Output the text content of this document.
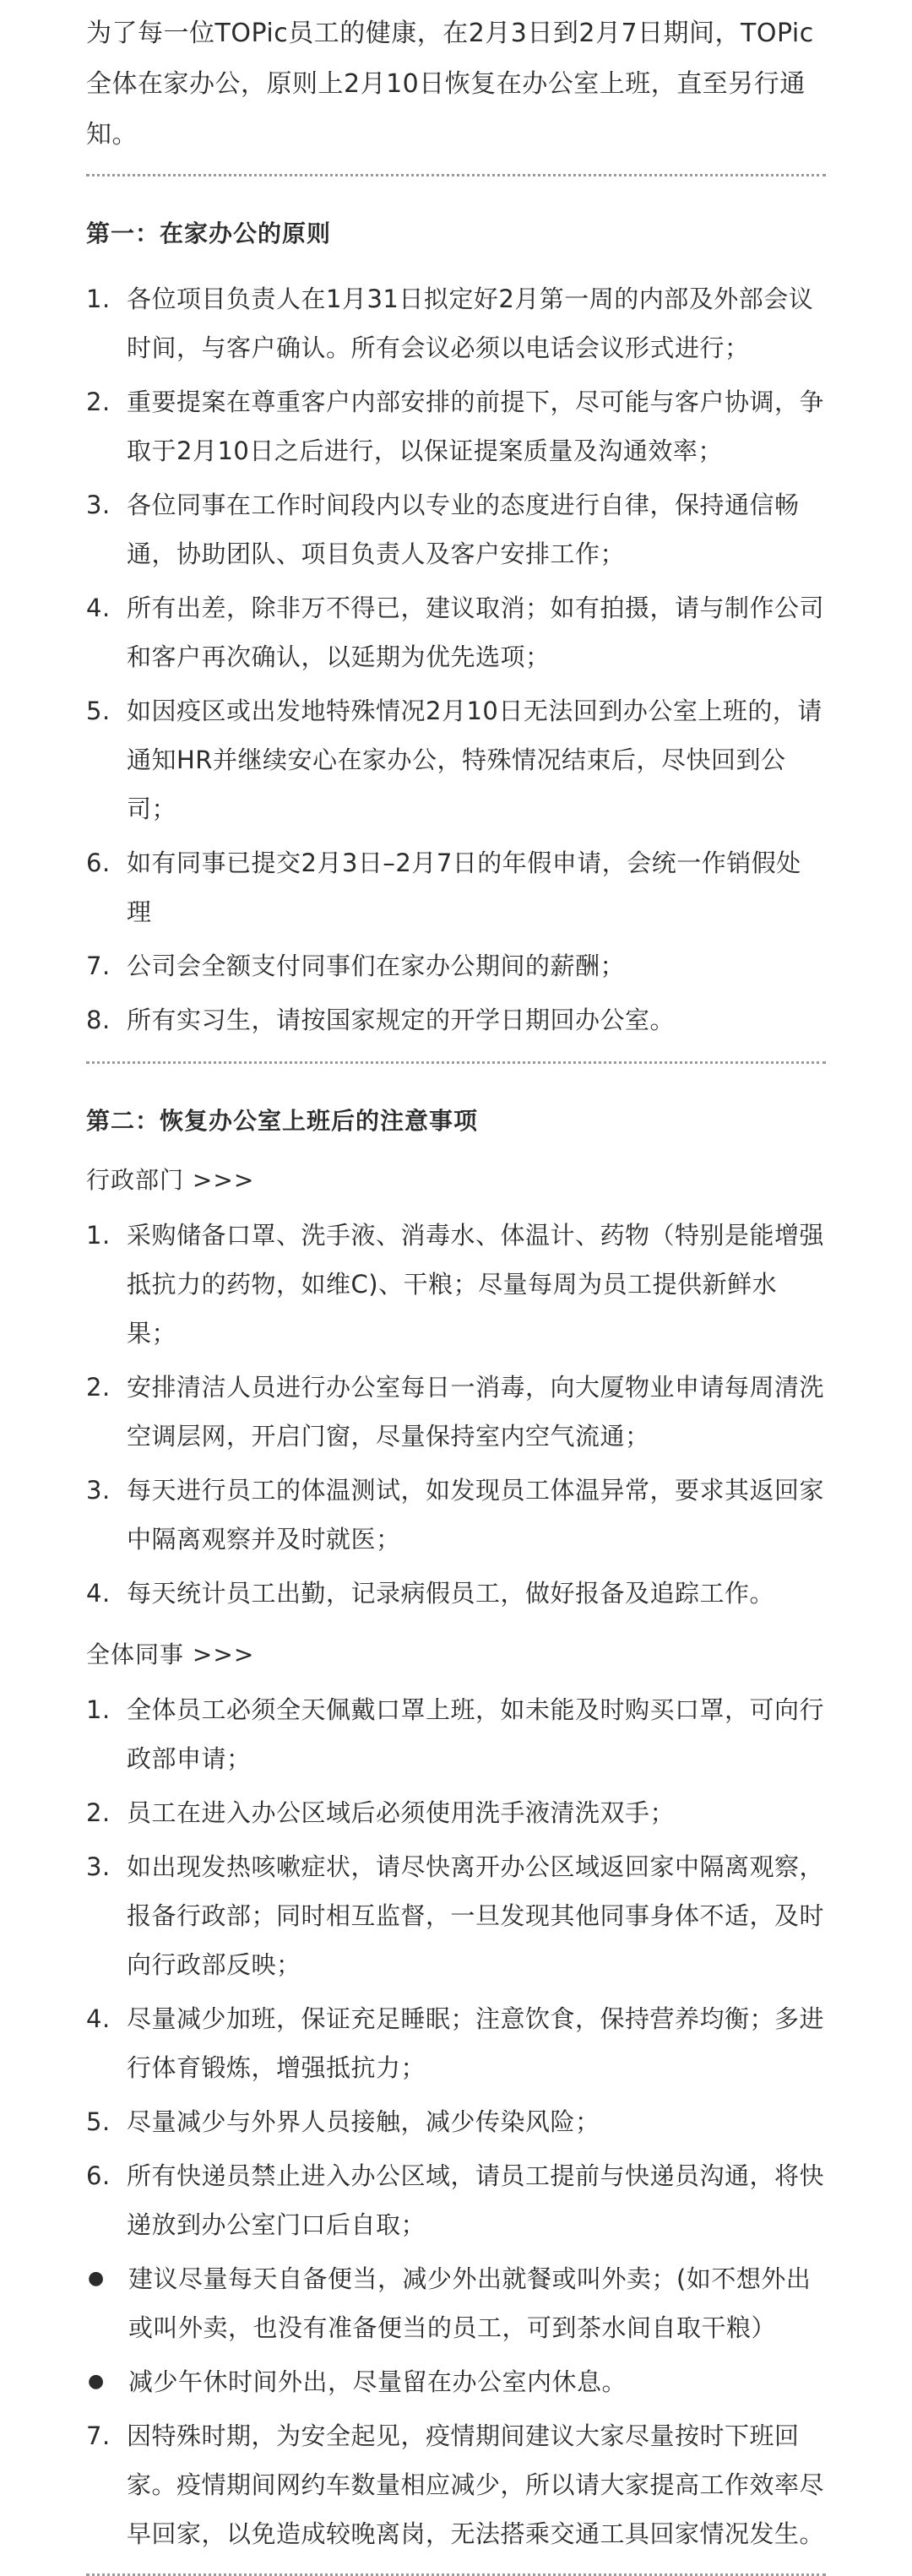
为了每一位TOPic员工的健康，在2月3日到2月7日期间，TOPic全体在家办公，原则上2月10日恢复在办公室上班，直至另行通知。

第一：在家办公的原则
1. 各位项目负责人在1月31日拟定好2月第一周的内部及外部会议时间，与客户确认。所有会议必须以电话会议形式进行；
2. 重要提案在尊重客户内部安排的前提下，尽可能与客户协调，争取于2月10日之后进行，以保证提案质量及沟通效率；
3. 各位同事在工作时间段内以专业的态度进行自律，保持通信畅通，协助团队、项目负责人及客户安排工作；
4. 所有出差，除非万不得已，建议取消；如有拍摄，请与制作公司和客户再次确认，以延期为优先选项；
5. 如因疫区或出发地特殊情况2月10日无法回到办公室上班的，请通知HR并继续安心在家办公，特殊情况结束后，尽快回到公司；
6. 如有同事已提交2月3日–2月7日的年假申请，会统一作销假处理
7. 公司会全额支付同事们在家办公期间的薪酬；
8. 所有实习生，请按国家规定的开学日期回办公室。
第二：恢复办公室上班后的注意事项
行政部门 >>>
1. 采购储备口罩、洗手液、消毒水、体温计、药物（特别是能增强抵抗力的药物，如维C)、干粮；尽量每周为员工提供新鲜水果；
2. 安排清洁人员进行办公室每日一消毒，向大厦物业申请每周清洗空调层网，开启门窗，尽量保持室内空气流通；
3. 每天进行员工的体温测试，如发现员工体温异常，要求其返回家中隔离观察并及时就医；
4. 每天统计员工出勤，记录病假员工，做好报备及追踪工作。
全体同事 >>>
1. 全体员工必须全天佩戴口罩上班，如未能及时购买口罩，可向行政部申请；
2. 员工在进入办公区域后必须使用洗手液清洗双手；
3. 如出现发热咳嗽症状，请尽快离开办公区域返回家中隔离观察，报备行政部；同时相互监督，一旦发现其他同事身体不适，及时向行政部反映；
4. 尽量减少加班，保证充足睡眠；注意饮食，保持营养均衡；多进行体育锻炼，增强抵抗力；
5. 尽量减少与外界人员接触，减少传染风险；
6. 所有快递员禁止进入办公区域，请员工提前与快递员沟通，将快递放到办公室门口后自取；
● 建议尽量每天自备便当，减少外出就餐或叫外卖；(如不想外出或叫外卖，也没有准备便当的员工，可到茶水间自取干粮）
● 减少午休时间外出，尽量留在办公室内休息。
7. 因特殊时期，为安全起见，疫情期间建议大家尽量按时下班回家。疫情期间网约车数量相应减少，所以请大家提高工作效率尽早回家，以免造成较晚离岗，无法搭乘交通工具回家情况发生。
